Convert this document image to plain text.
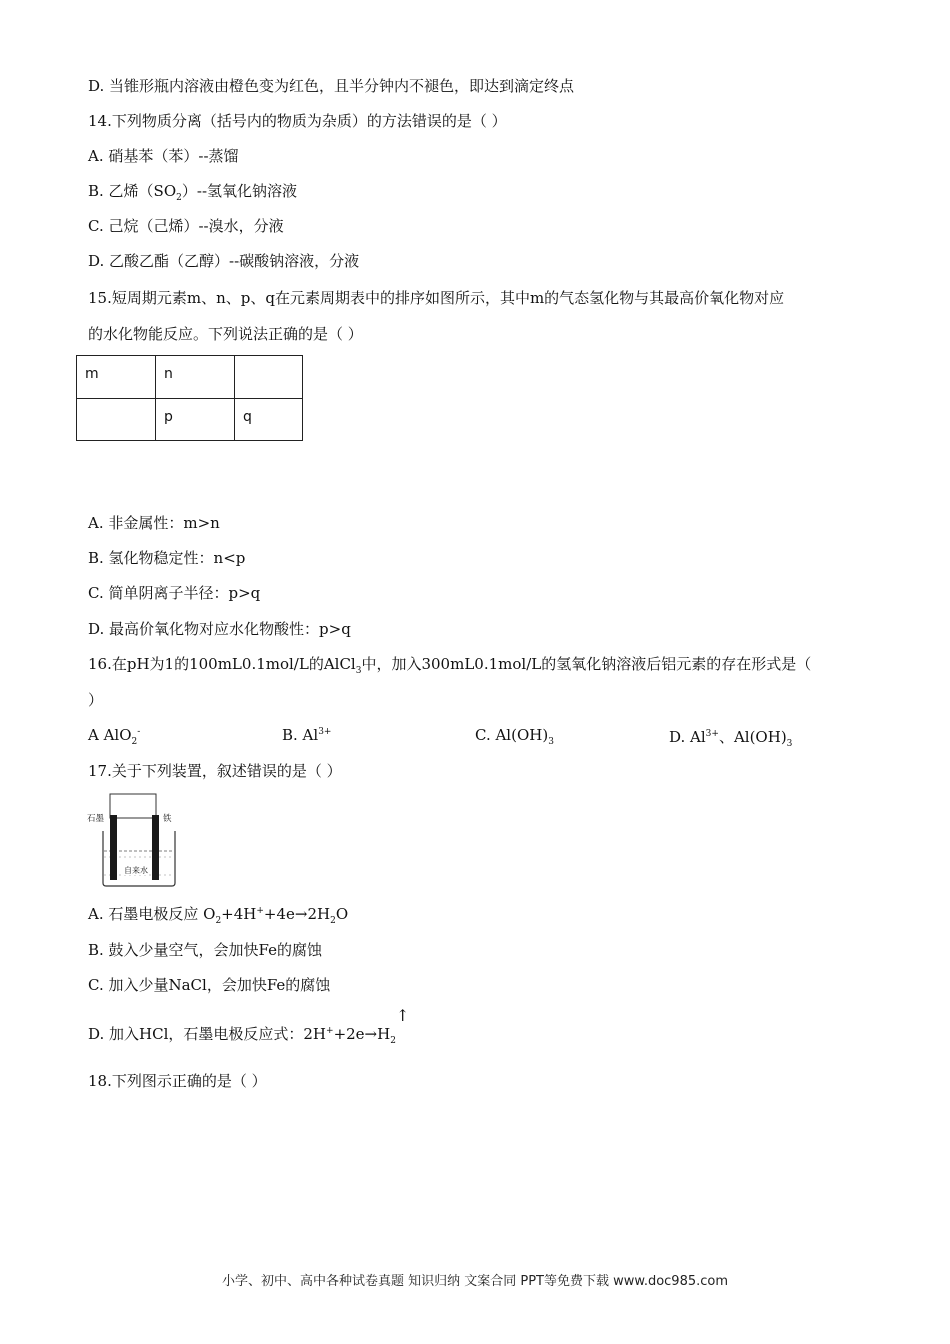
D. 当锥形瓶内溶液由橙色变为红色，且半分钟内不褪色，即达到滴定终点
14.下列物质分离（括号内的物质为杂质）的方法错误的是（ ）
A. 硝基苯（苯）--蒸馏
B. 乙烯$(SO_2)--$氢氧化钠溶液
C. 己烷（己烯）--溴水，分液
D. 乙酸乙酯（乙醇）--碳酸钠溶液，分液
15.短周期元素m、n、p、q在元素周期表中的排序如图所示，其中m的气态氢化物与其最高价氧化物对应
的水化物能反应。下列说法正确的是（ ）
m	n	
	p	q
A. 非金属性：m>n
B. 氢化物稳定性：n<p
C. 简单阴离子半径：p>q
D. 最高价氧化物对应水化物酸性：p>q
16.在pH为1的100mL0.1mol/L的AlCl$_3$中，加入300mL0.1mol/L的氢氧化钠溶液后铝元素的存在形式是（
）
A AlO$_2$-	B. $Al^{3+}$	C. $Al(OH)_3$	D. $Al^{3+}$、$Al(OH)_3$
17.关于下列装置，叙述错误的是（ ）
石墨	铁
自来水
A. 石墨电极反应 $O_2+4H^++4e\to 2H_2O$
B. 鼓入少量空气，会加快Fe的腐蚀
C. 加入少量NaCl，会加快Fe的腐蚀
D. 加入HCl，石墨电极反应式：$2H^++2e\to H_2↑$
18.下列图示正确的是（ ）
小学、初中、高中各种试卷真题 知识归纳 文案合同 PPT等免费下载 www.doc985.com
